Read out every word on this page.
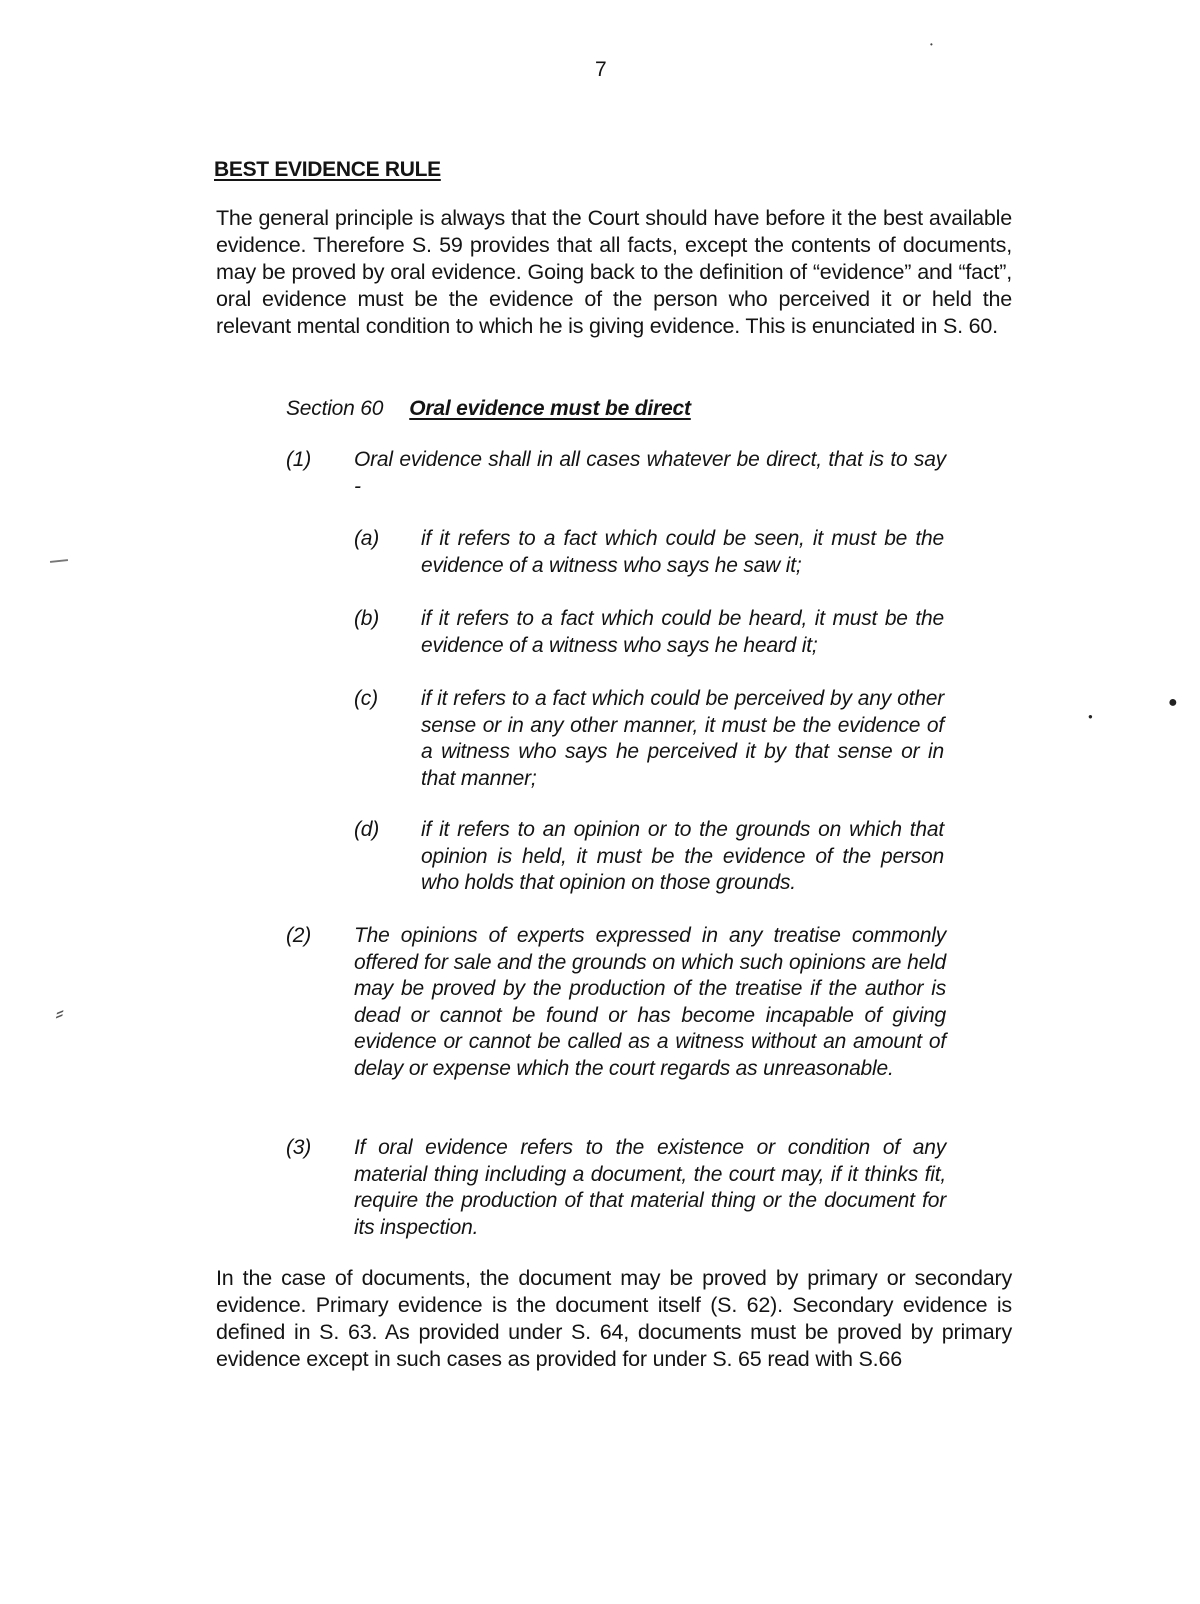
7
BEST EVIDENCE RULE

The general principle is always that the Court should have before it the best available evidence. Therefore S. 59 provides that all facts, except the contents of documents, may be proved by oral evidence. Going back to the definition of “evidence” and “fact”, oral evidence must be the evidence of the person who perceived it or held the relevant mental condition to which he is giving evidence. This is enunciated in S. 60.

Section 60 Oral evidence must be direct
(1) Oral evidence shall in all cases whatever be direct, that is to say -
(a) if it refers to a fact which could be seen, it must be the evidence of a witness who says he saw it;
(b) if it refers to a fact which could be heard, it must be the evidence of a witness who says he heard it;
(c) if it refers to a fact which could be perceived by any other sense or in any other manner, it must be the evidence of a witness who says he perceived it by that sense or in that manner;
(d) if it refers to an opinion or to the grounds on which that opinion is held, it must be the evidence of the person who holds that opinion on those grounds.
(2) The opinions of experts expressed in any treatise commonly offered for sale and the grounds on which such opinions are held may be proved by the production of the treatise if the author is dead or cannot be found or has become incapable of giving evidence or cannot be called as a witness without an amount of delay or expense which the court regards as unreasonable.
(3) If oral evidence refers to the existence or condition of any material thing including a document, the court may, if it thinks fit, require the production of that material thing or the document for its inspection.

In the case of documents, the document may be proved by primary or secondary evidence. Primary evidence is the document itself (S. 62). Secondary evidence is defined in S. 63. As provided under S. 64, documents must be proved by primary evidence except in such cases as provided for under S. 65 read with S.66

●
●
⸗
•
